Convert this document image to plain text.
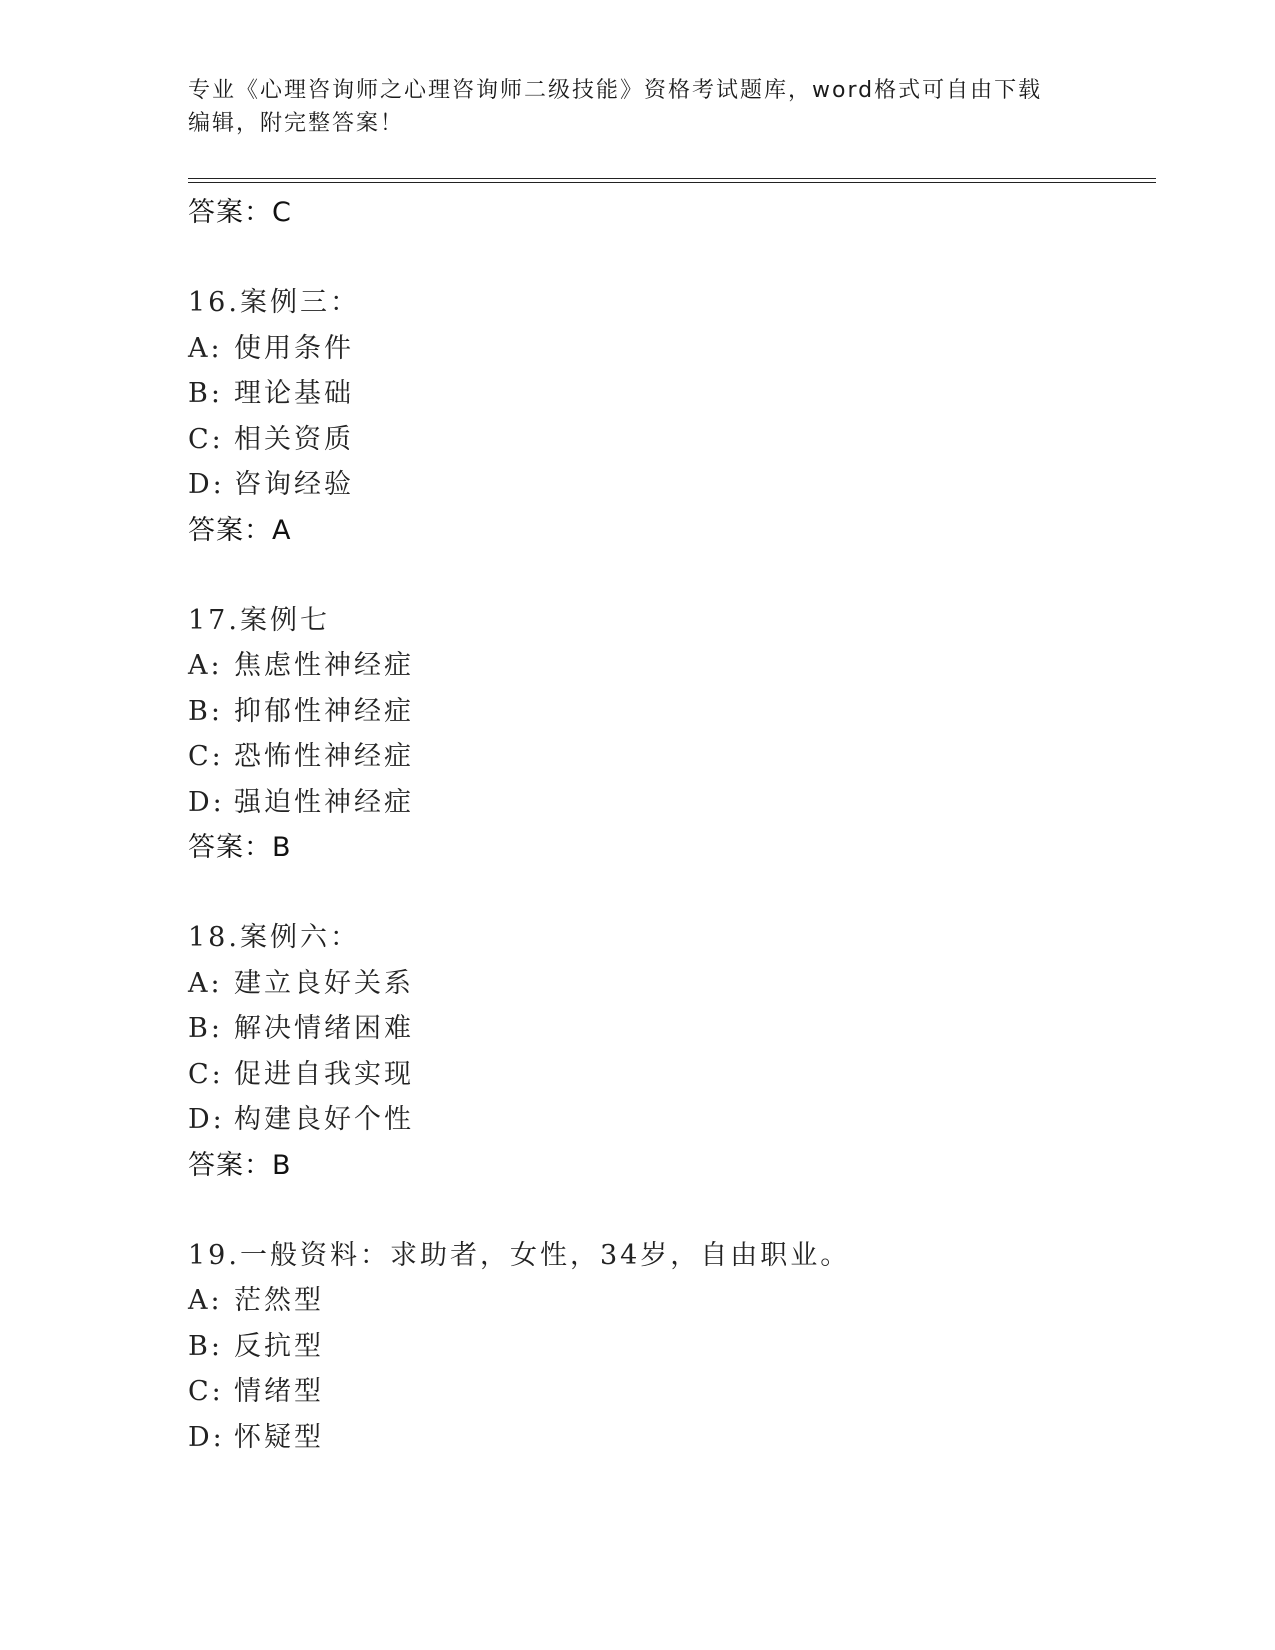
专业《心理咨询师之心理咨询师二级技能》资格考试题库，word格式可自由下载
编辑，附完整答案！
答案：C
16.案例三：
A: 使用条件
B: 理论基础
C: 相关资质
D: 咨询经验
答案：A
17.案例七
A: 焦虑性神经症
B: 抑郁性神经症
C: 恐怖性神经症
D: 强迫性神经症
答案：B
18.案例六：
A: 建立良好关系
B: 解决情绪困难
C: 促进自我实现
D: 构建良好个性
答案：B
19.一般资料：求助者，女性，34岁，自由职业。
A: 茫然型
B: 反抗型
C: 情绪型
D: 怀疑型
